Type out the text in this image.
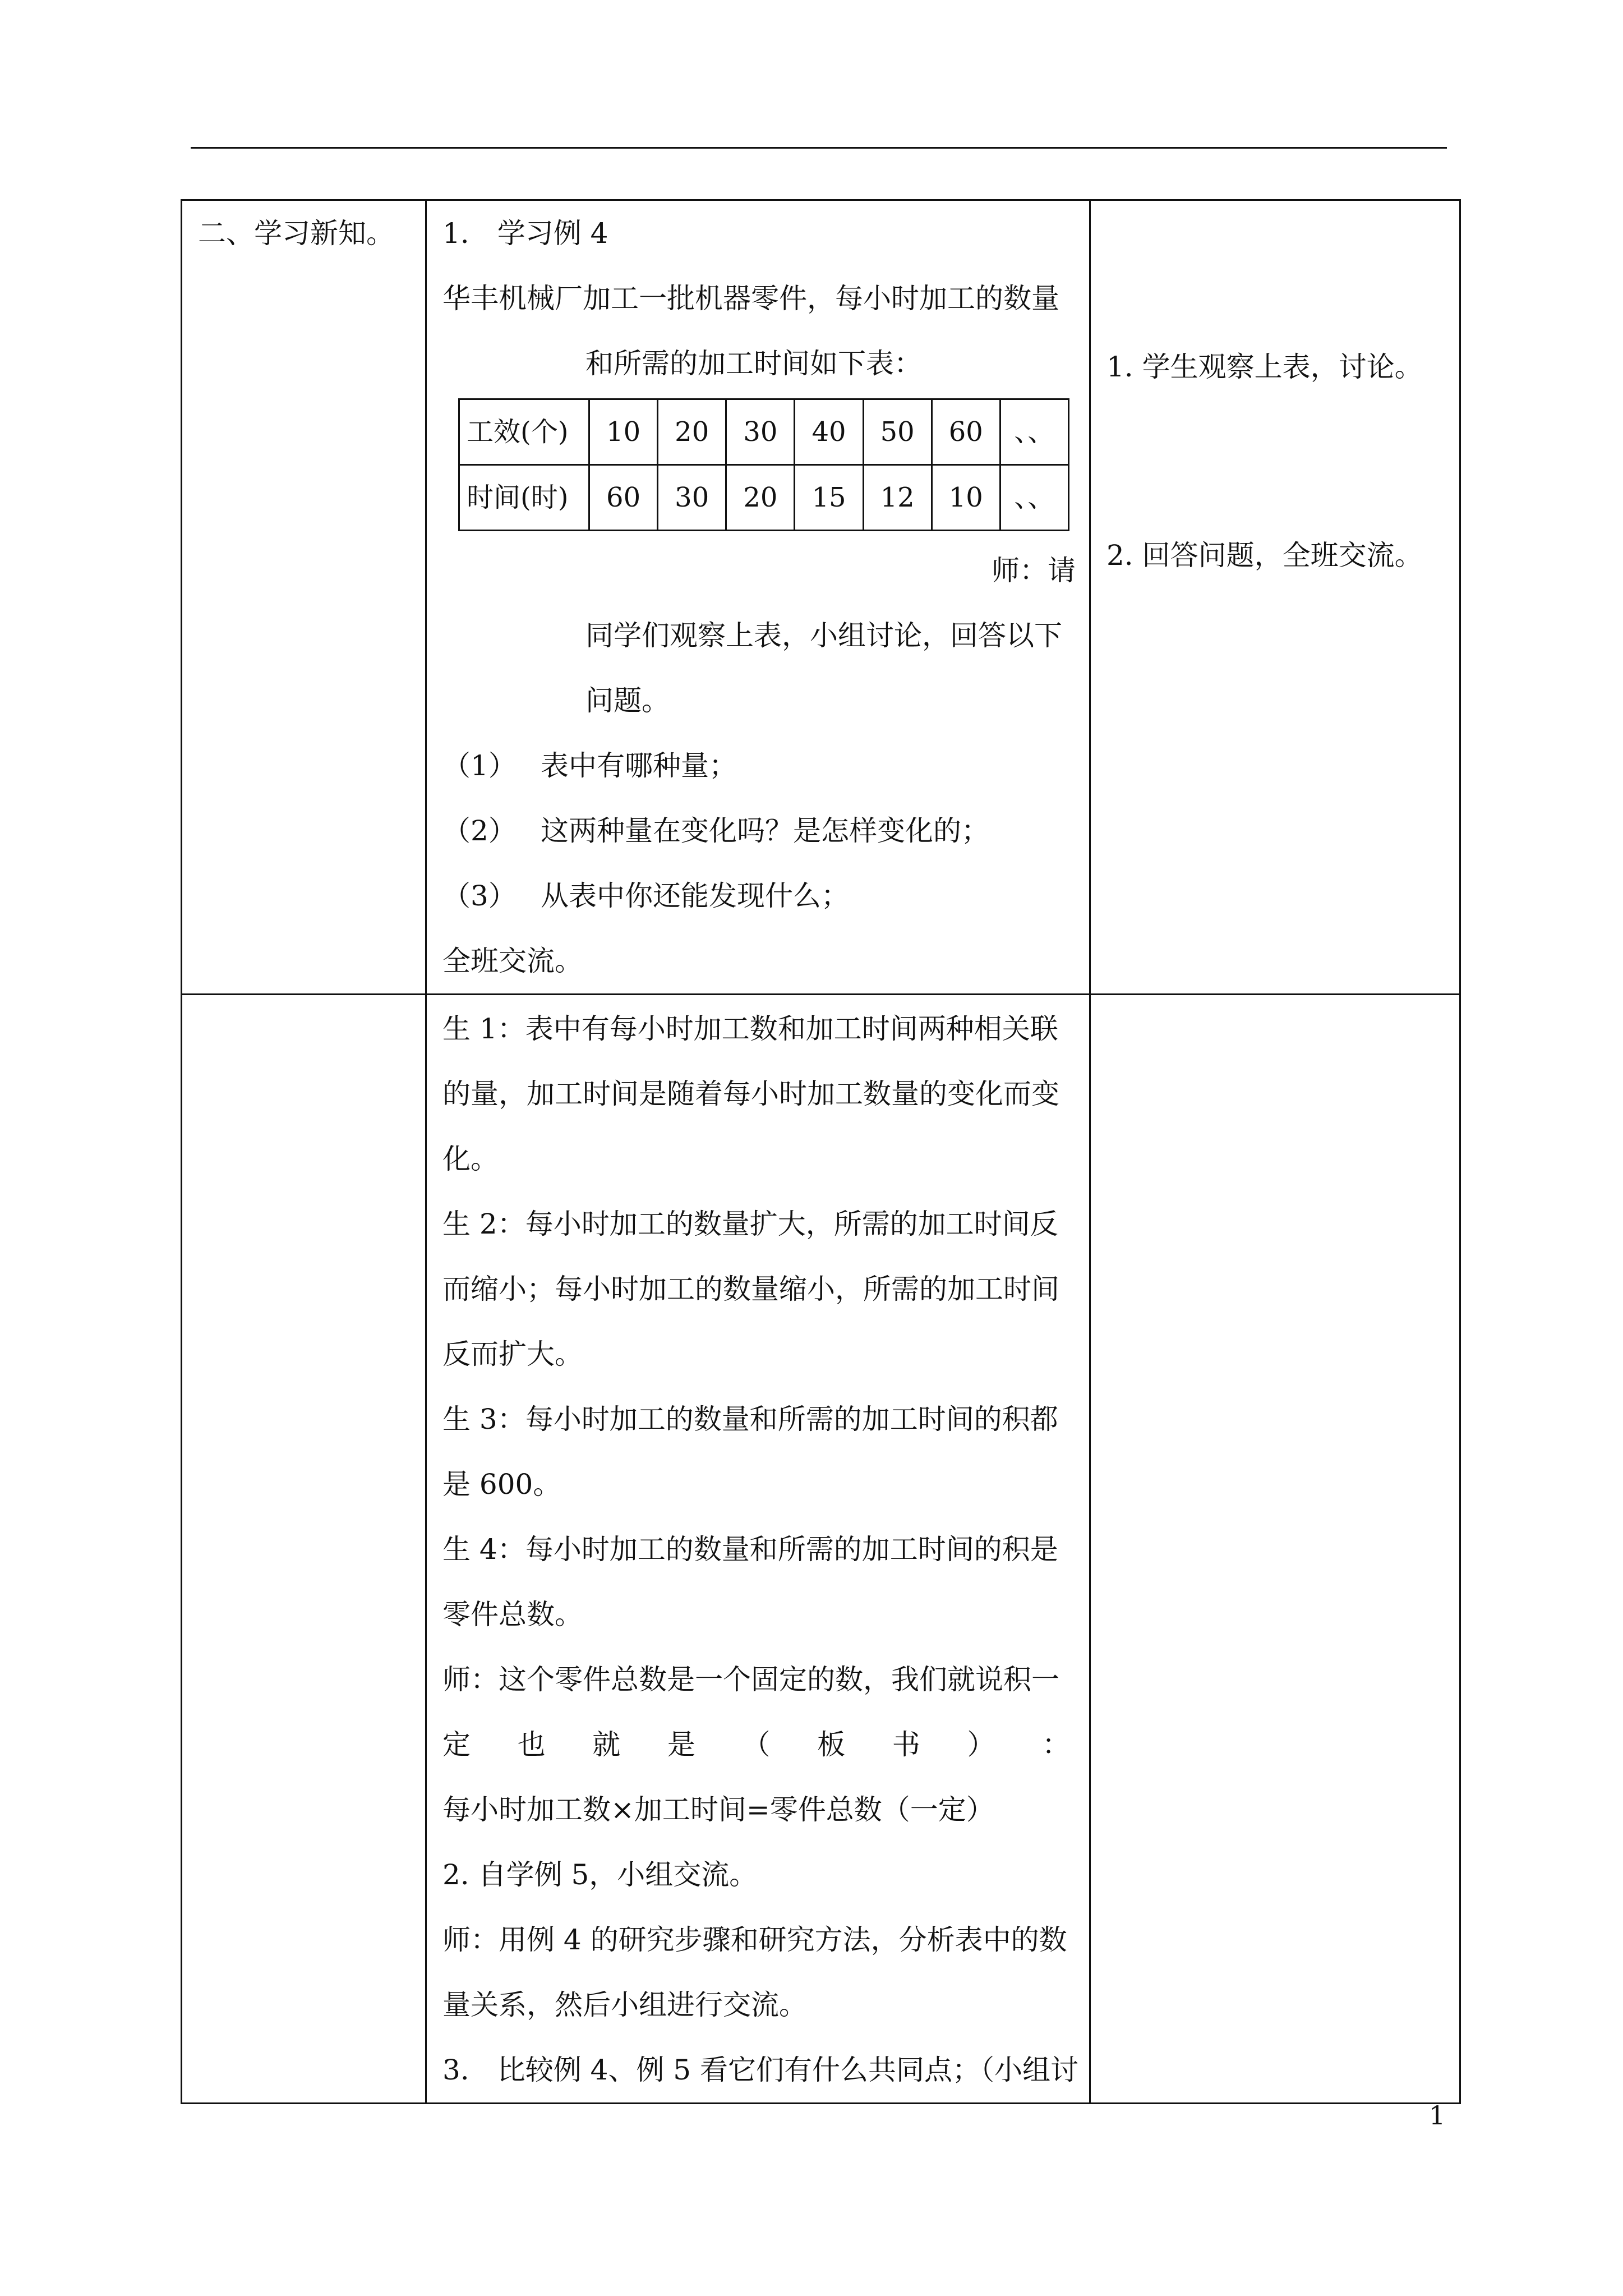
二、学习新知。	1.　学习例 4
华丰机械厂加工一批机器零件，每小时加工的数量
和所需的加工时间如下表：
工效(个)	10	20	30	40	50	60	、、
时间(时)	60	30	20	15	12	10	、、
师：请
同学们观察上表，小组讨论，回答以下
问题。
（1） 表中有哪种量；
（2） 这两种量在变化吗？是怎样变化的；
（3） 从表中你还能发现什么；
全班交流。

1. 学生观察上表，讨论。
2. 回答问题，全班交流。

生 1：表中有每小时加工数和加工时间两种相关联的量，加工时间是随着每小时加工数量的变化而变化。
生 2：每小时加工的数量扩大，所需的加工时间反而缩小；每小时加工的数量缩小，所需的加工时间反而扩大。
生 3：每小时加工的数量和所需的加工时间的积都是 600。
生 4：每小时加工的数量和所需的加工时间的积是零件总数。
师：这个零件总数是一个固定的数，我们就说积一
定 也 就 是 （ 板 书 ） ：
每小时加工数×加工时间=零件总数（一定）
2. 自学例 5，小组交流。
师：用例 4 的研究步骤和研究方法，分析表中的数量关系，然后小组进行交流。
3.　比较例 4、例 5 看它们有什么共同点；（小组讨

1
